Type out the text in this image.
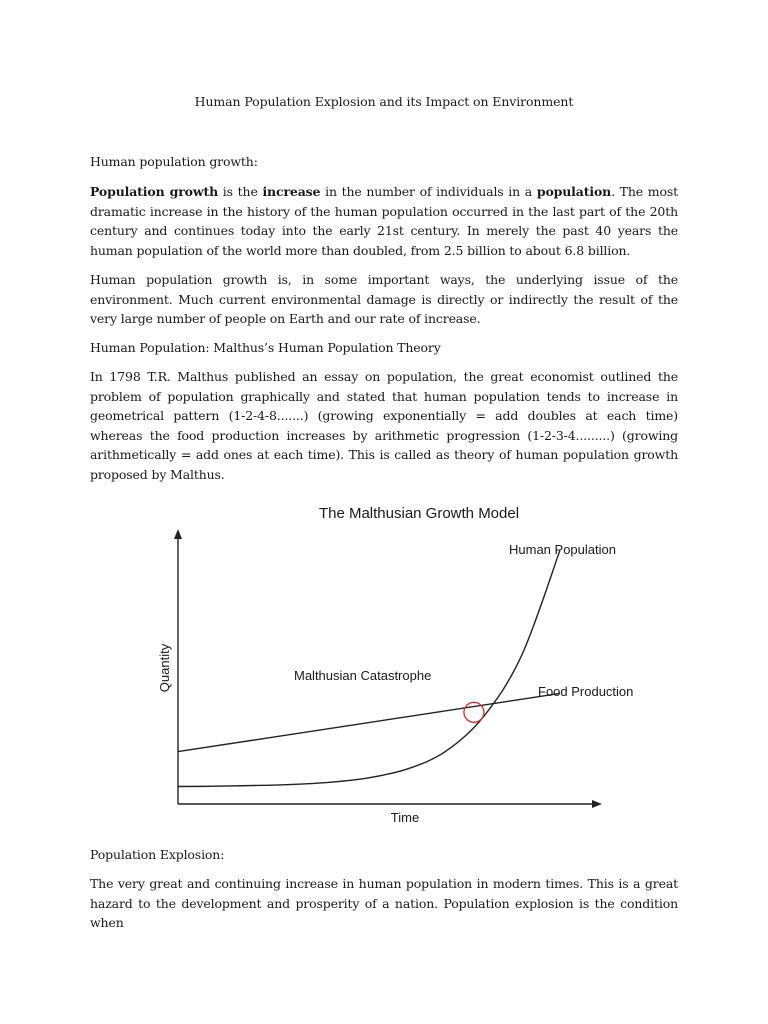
Human Population Explosion and its Impact on Environment
Human population growth:
Population growth is the increase in the number of individuals in a population. The most dramatic increase in the history of the human population occurred in the last part of the 20th century and continues today into the early 21st century. In merely the past 40 years the human population of the world more than doubled, from 2.5 billion to about 6.8 billion.
Human population growth is, in some important ways, the underlying issue of the environment. Much current environmental damage is directly or indirectly the result of the very large number of people on Earth and our rate of increase.
Human Population: Malthus’s Human Population Theory
In 1798 T.R. Malthus published an essay on population, the great economist outlined the problem of population graphically and stated that human population tends to increase in geometrical pattern (1-2-4-8.......) (growing exponentially = add doubles at each time) whereas the food production increases by arithmetic progression (1-2-3-4.........) (growing arithmetically = add ones at each time). This is called as theory of human population growth proposed by Malthus.
The Malthusian Growth Model
Time
Quantity
Human Population
Food Production
Malthusian Catastrophe
Population Explosion:
The very great and continuing increase in human population in modern times. This is a great hazard to the development and prosperity of a nation. Population explosion is the condition when
